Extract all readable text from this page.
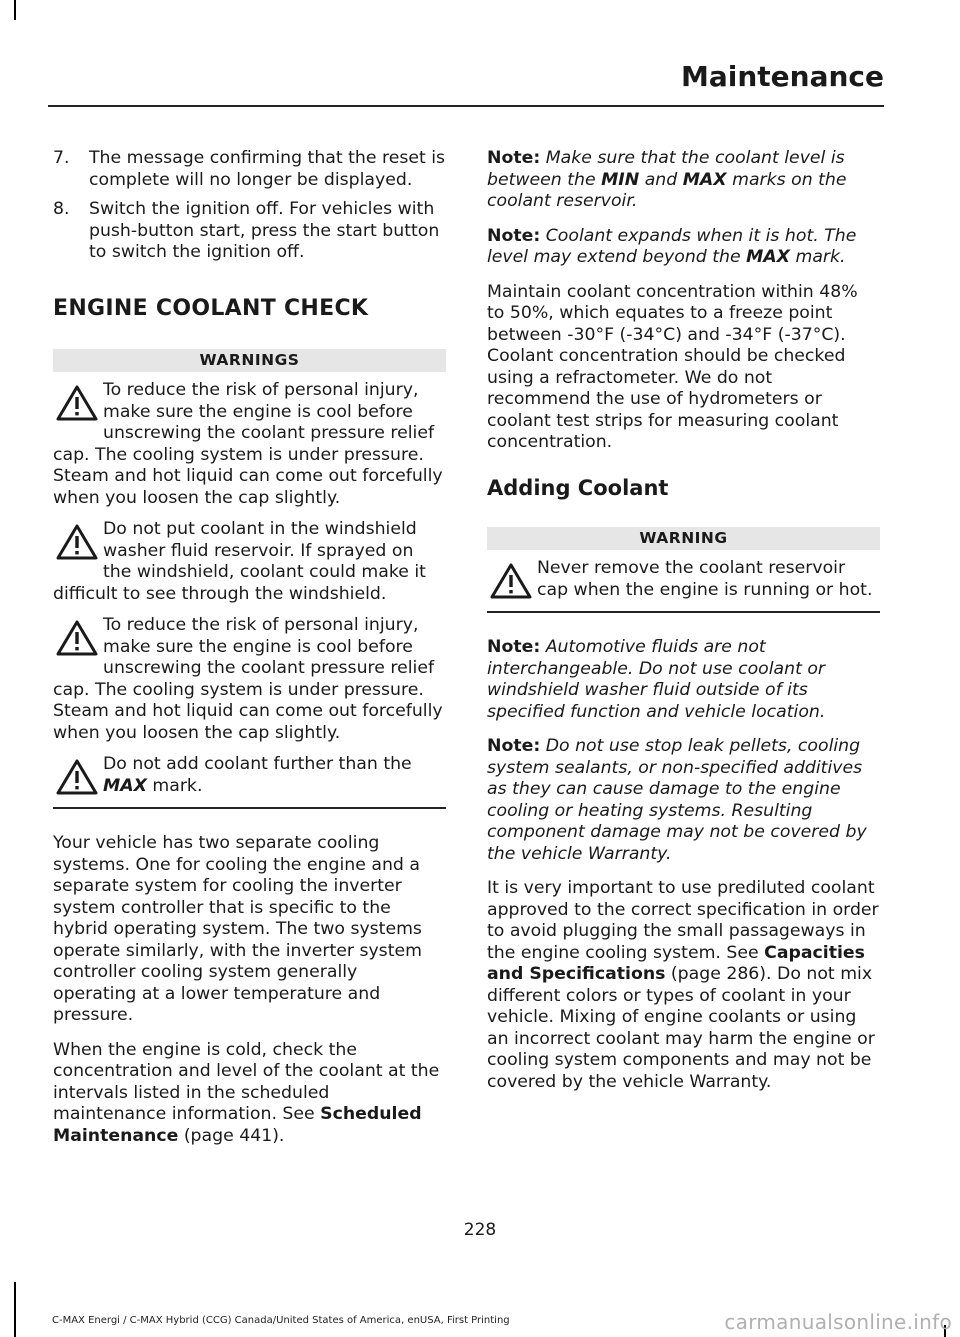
Maintenance
7. The message confirming that the reset is complete will no longer be displayed.
8. Switch the ignition off. For vehicles with push-button start, press the start button to switch the ignition off.
ENGINE COOLANT CHECK
WARNINGS
To reduce the risk of personal injury, make sure the engine is cool before unscrewing the coolant pressure relief cap. The cooling system is under pressure. Steam and hot liquid can come out forcefully when you loosen the cap slightly.
Do not put coolant in the windshield washer fluid reservoir. If sprayed on the windshield, coolant could make it difficult to see through the windshield.
To reduce the risk of personal injury, make sure the engine is cool before unscrewing the coolant pressure relief cap. The cooling system is under pressure. Steam and hot liquid can come out forcefully when you loosen the cap slightly.
Do not add coolant further than the MAX mark.

Your vehicle has two separate cooling systems. One for cooling the engine and a separate system for cooling the inverter system controller that is specific to the hybrid operating system. The two systems operate similarly, with the inverter system controller cooling system generally operating at a lower temperature and pressure.

When the engine is cold, check the concentration and level of the coolant at the intervals listed in the scheduled maintenance information. See Scheduled Maintenance (page 441).

Note: Make sure that the coolant level is between the MIN and MAX marks on the coolant reservoir.

Note: Coolant expands when it is hot. The level may extend beyond the MAX mark.

Maintain coolant concentration within 48% to 50%, which equates to a freeze point between -30°F (-34°C) and -34°F (-37°C). Coolant concentration should be checked using a refractometer. We do not recommend the use of hydrometers or coolant test strips for measuring coolant concentration.

Adding Coolant
WARNING
Never remove the coolant reservoir cap when the engine is running or hot.

Note: Automotive fluids are not interchangeable. Do not use coolant or windshield washer fluid outside of its specified function and vehicle location.

Note: Do not use stop leak pellets, cooling system sealants, or non-specified additives as they can cause damage to the engine cooling or heating systems. Resulting component damage may not be covered by the vehicle Warranty.

It is very important to use prediluted coolant approved to the correct specification in order to avoid plugging the small passageways in the engine cooling system. See Capacities and Specifications (page 286). Do not mix different colors or types of coolant in your vehicle. Mixing of engine coolants or using an incorrect coolant may harm the engine or cooling system components and may not be covered by the vehicle Warranty.

228
C-MAX Energi / C-MAX Hybrid (CCG) Canada/United States of America, enUSA, First Printing	carmanualsonline.info
